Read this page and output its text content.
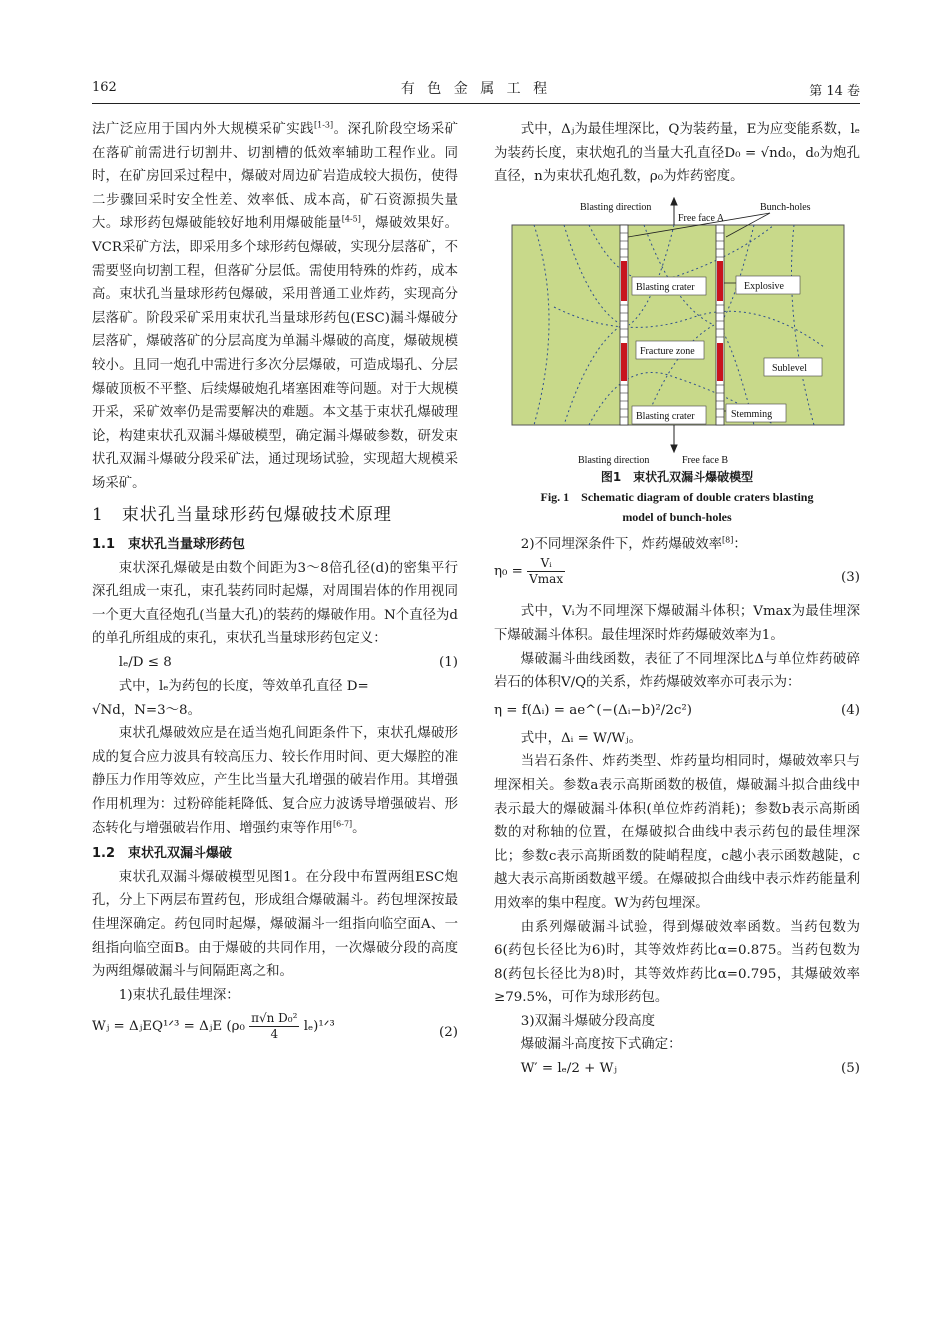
162	有 色 金 属 工 程	第 14 卷

法广泛应用于国内外大规模采矿实践[1-3]。深孔阶段空场采矿在落矿前需进行切割井、切割槽的低效率辅助工程作业。同时，在矿房回采过程中，爆破对周边矿岩造成较大损伤，使得二步骤回采时安全性差、效率低、成本高，矿石资源损失量大。球形药包爆破能较好地利用爆破能量[4-5]，爆破效果好。VCR采矿方法，即采用多个球形药包爆破，实现分层落矿，不需要竖向切割工程，但落矿分层低。需使用特殊的炸药，成本高。束状孔当量球形药包爆破，采用普通工业炸药，实现高分层落矿。阶段采矿采用束状孔当量球形药包(ESC)漏斗爆破分层落矿，爆破落矿的分层高度为单漏斗爆破的高度，爆破规模较小。且同一炮孔中需进行多次分层爆破，可造成塌孔、分层爆破顶板不平整、后续爆破炮孔堵塞困难等问题。对于大规模开采，采矿效率仍是需要解决的难题。本文基于束状孔爆破理论，构建束状孔双漏斗爆破模型，确定漏斗爆破参数，研发束状孔双漏斗爆破分段采矿法，通过现场试验，实现超大规模采场采矿。

1　束状孔当量球形药包爆破技术原理
1.1　束状孔当量球形药包

束状深孔爆破是由数个间距为3～8倍孔径(d)的密集平行深孔组成一束孔，束孔装药同时起爆，对周围岩体的作用视同一个更大直径炮孔(当量大孔)的装药的爆破作用。N个直径为d的单孔所组成的束孔，束状孔当量球形药包定义：

lₑ/D ≤ 8	(1)

式中，lₑ为药包的长度，等效单孔直径 D=

√Nd，N=3～8。

束状孔爆破效应是在适当炮孔间距条件下，束状孔爆破形成的复合应力波具有较高压力、较长作用时间、更大爆腔的准静压力作用等效应，产生比当量大孔增强的破岩作用。其增强作用机理为：过粉碎能耗降低、复合应力波诱导增强破岩、形态转化与增强破岩作用、增强约束等作用[6-7]。

1.2　束状孔双漏斗爆破

束状孔双漏斗爆破模型见图1。在分段中布置两组ESC炮孔，分上下两层布置药包，形成组合爆破漏斗。药包埋深按最佳埋深确定。药包同时起爆，爆破漏斗一组指向临空面A、一组指向临空面B。由于爆破的共同作用，一次爆破分段的高度为两组爆破漏斗与间隔距离之和。

1)束状孔最佳埋深：

Wⱼ = ΔⱼEQ¹ᐟ³ = ΔⱼE ($\rho_0 \frac{\text{π√n D₀²}}{4}$ lₑ)¹ᐟ³	(2)

式中，Δⱼ为最佳埋深比，Q为装药量，E为应变能系数，lₑ为装药长度，束状炮孔的当量大孔直径D₀ = √nd₀，d₀为炮孔直径，n为束状孔炮孔数，ρ₀为炸药密度。

Blasting direction
Free face A
Bunch-holes
Blasting crater	Explosive
Fracture zone
Sublevel
Blasting crater	Stemming
Blasting direction	Free face B
图1　束状孔双漏斗爆破模型
Fig. 1　Schematic diagram of double craters blasting
model of bunch-holes

2)不同埋深条件下，炸药爆破效率[8]：

$\eta_0 = \frac{\text{Vᵢ}}{Vmax}$	(3)

式中，Vᵢ为不同埋深下爆破漏斗体积；Vmax为最佳埋深下爆破漏斗体积。最佳埋深时炸药爆破效率为1。

爆破漏斗曲线函数，表征了不同埋深比Δ与单位炸药破碎岩石的体积V/Q的关系，炸药爆破效率亦可表示为：

η = f(Δᵢ) = ae^(−(Δᵢ−b)²/2c²)	(4)

式中，Δᵢ = W/Wⱼ。

当岩石条件、炸药类型、炸药量均相同时，爆破效率只与埋深相关。参数a表示高斯函数的极值，爆破漏斗拟合曲线中表示最大的爆破漏斗体积(单位炸药消耗)；参数b表示高斯函数的对称轴的位置，在爆破拟合曲线中表示药包的最佳埋深比；参数c表示高斯函数的陡峭程度，c越小表示函数越陡，c越大表示高斯函数越平缓。在爆破拟合曲线中表示炸药能量利用效率的集中程度。W为药包埋深。

由系列爆破漏斗试验，得到爆破效率函数。当药包数为6(药包长径比为6)时，其等效炸药比α=0.875。当药包数为8(药包长径比为8)时，其等效炸药比α=0.795，其爆破效率≥79.5%，可作为球形药包。

3)双漏斗爆破分段高度

爆破漏斗高度按下式确定：

W′ = lₑ/2 + Wⱼ	(5)
